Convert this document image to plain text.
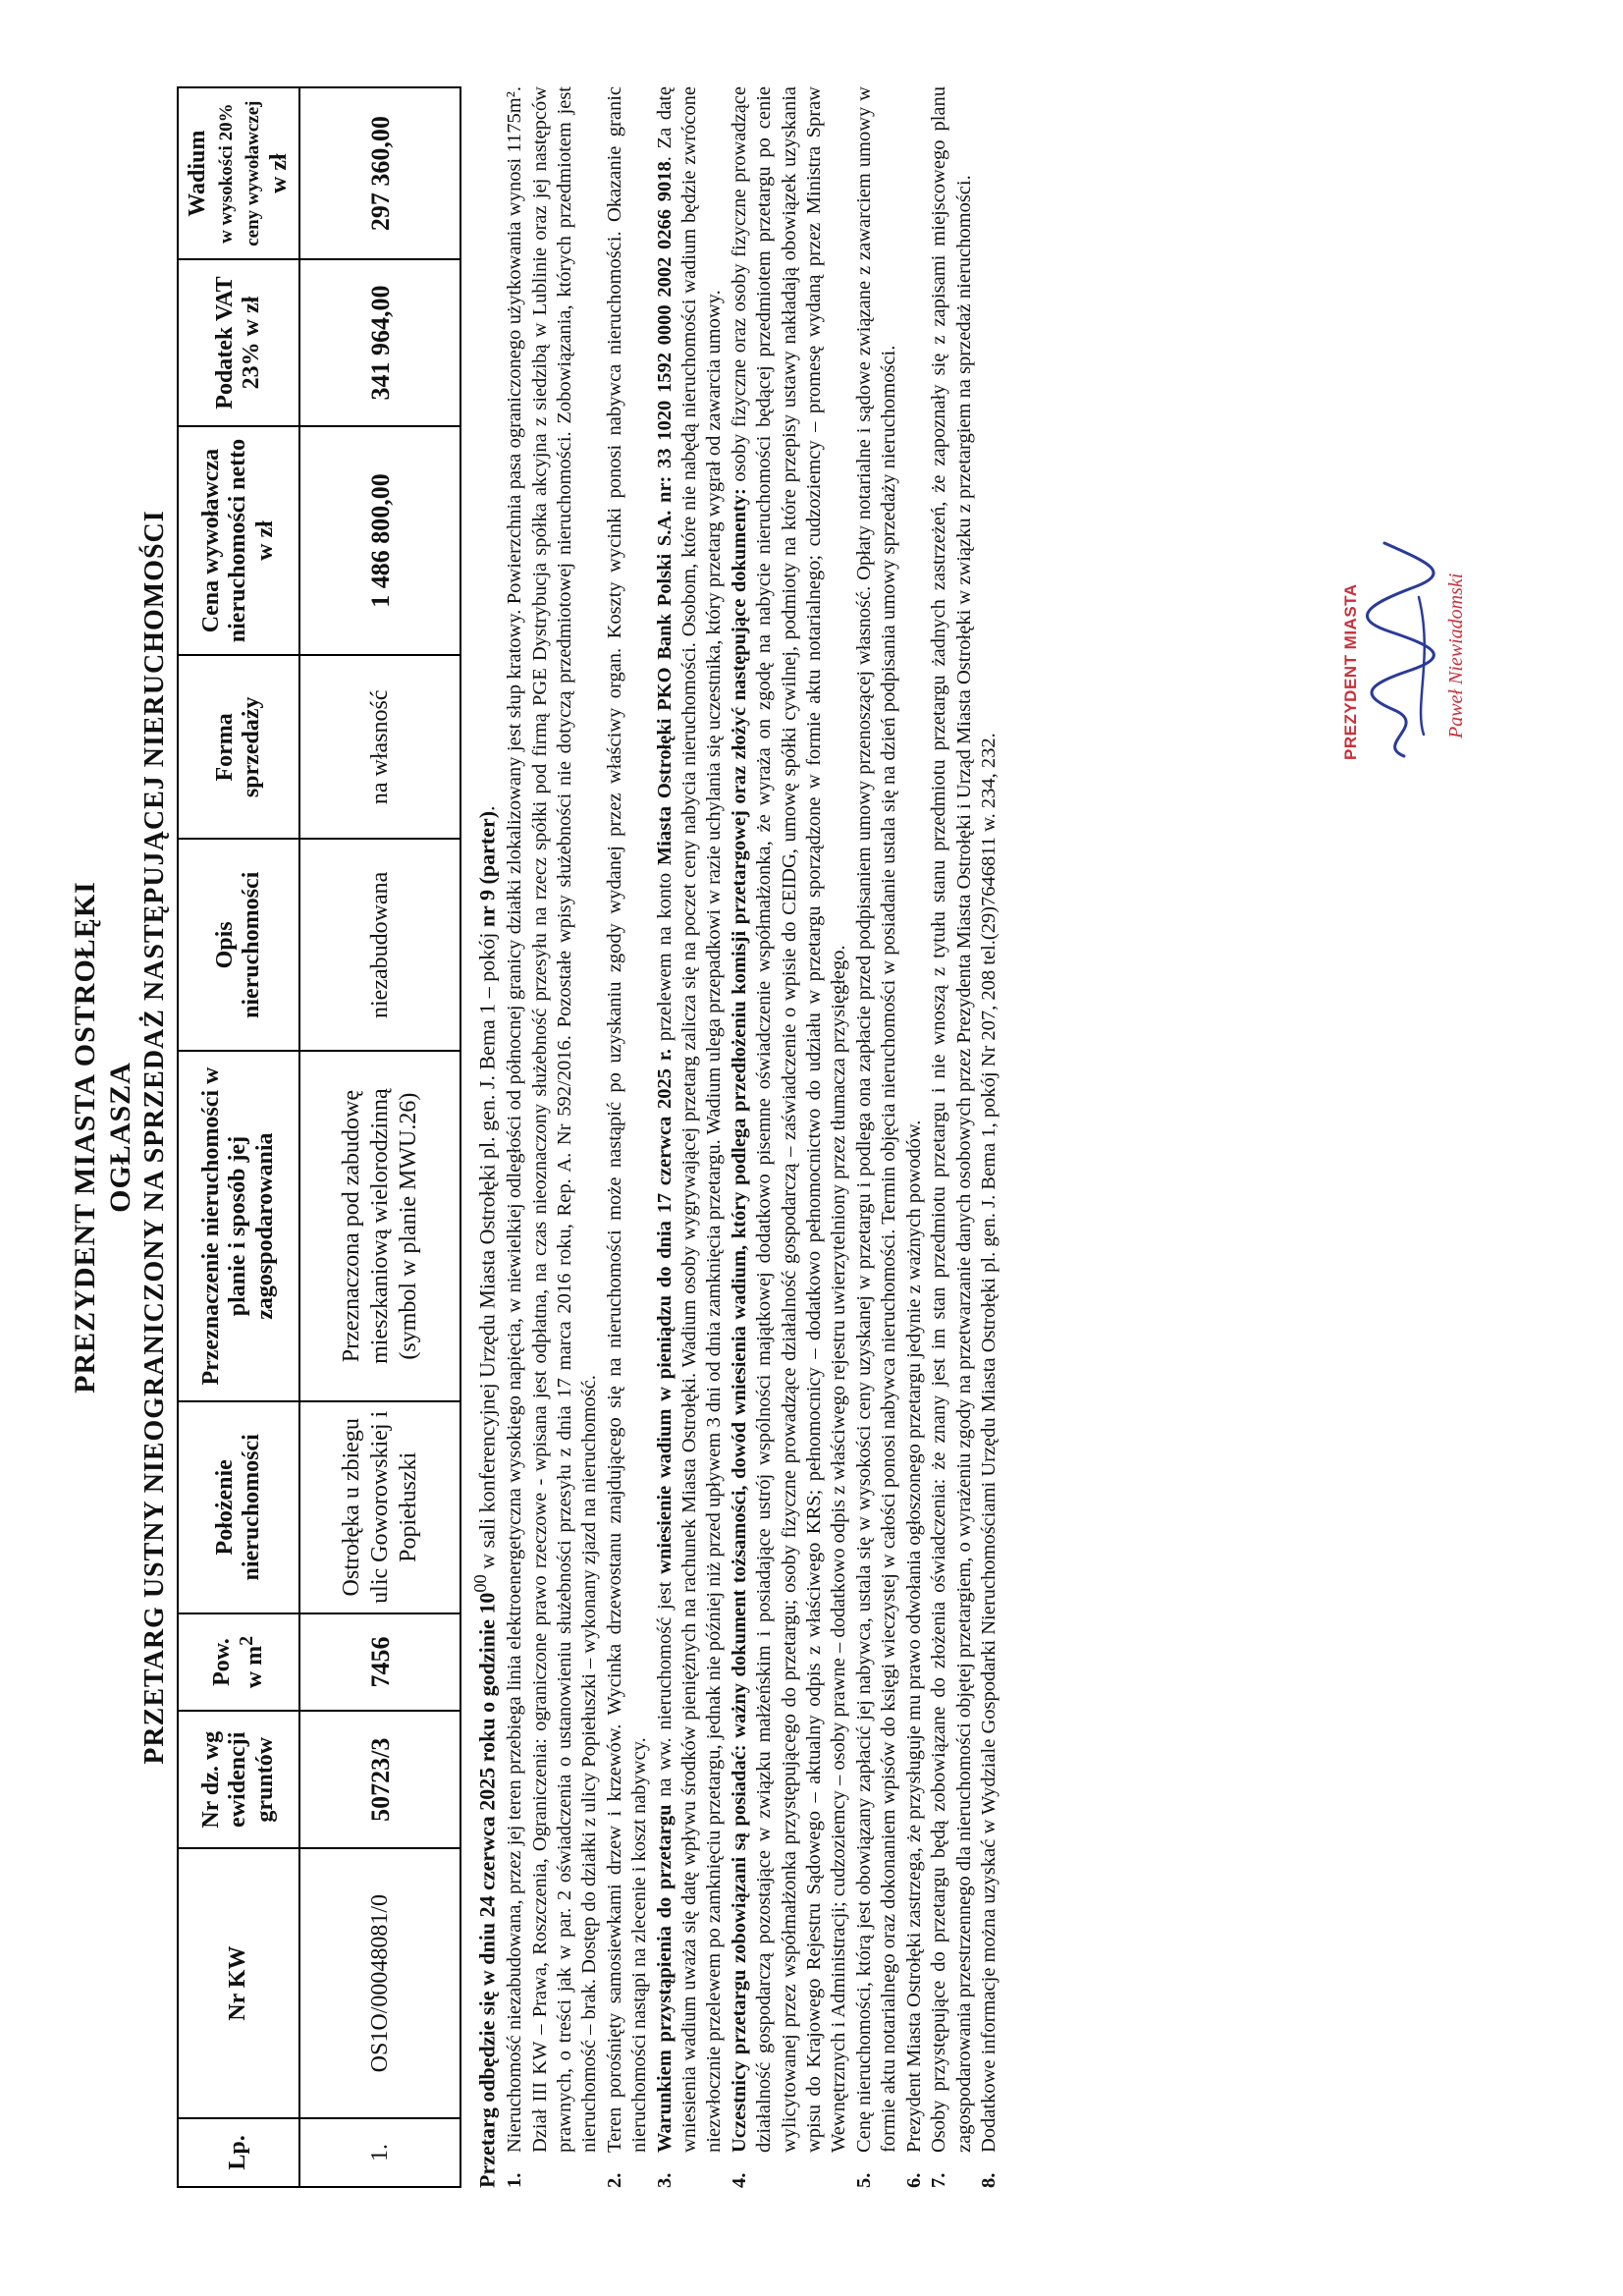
PREZYDENT MIASTA OSTROŁĘKI OGŁASZA PRZETARG USTNY NIEOGRANICZONY NA SPRZEDAŻ NASTĘPUJĄCEJ NIERUCHOMOŚCI
Lp.	Nr KW	Nr dz. wg ewidencji gruntów	Pow. w $m^2$	Położenie nieruchomości	Przeznaczenie nieruchomości w planie i sposób jej zagospodarowania	Opis nieruchomości	Forma sprzedaży	Cena wywoławcza nieruchomości netto w zł	Podatek VAT 23% w zł	Wadium w wysokości 20% ceny wywoławczej w zł
1.	OS1O/00048081/0	50723/3	7456	Ostrołęka u zbiegu ulic Goworowskiej i Popiełuszki	Przeznaczona pod zabudowę mieszkaniową wielorodzinną (symbol w planie MWU.26)	niezabudowana	na własność	1 486 800,00	341 964,00	297 360,00
Przetarg odbędzie się w dniu 24 czerwca 2025 roku o godzinie $10^{00}$ w sali konferencyjnej Urzędu Miasta Ostrołęki pl. gen. J. Bema 1 – pokój nr 9 (parter).
1.
Nieruchomość niezabudowana, przez jej teren przebiega linia elektroenergetyczna wysokiego napięcia, w niewielkiej odległości od północnej granicy działki zlokalizowany jest słup kratowy. Powierzchnia pasa ograniczonego użytkowania wynosi 1175m². Dział III KW – Prawa, Roszczenia, Ograniczenia: ograniczone prawo rzeczowe - wpisana jest odpłatna, na czas nieoznaczony służebność przesyłu na rzecz spółki pod firmą PGE Dystrybucja spółka akcyjna z siedzibą w Lublinie oraz jej następców prawnych, o treści jak w par. 2 oświadczenia o ustanowieniu służebności przesyłu z dnia 17 marca 2016 roku, Rep. A. Nr 592/2016. Pozostałe wpisy służebności nie dotyczą przedmiotowej nieruchomości. Zobowiązania, których przedmiotem jest nieruchomość – brak. Dostęp do działki z ulicy Popiełuszki – wykonany zjazd na nieruchomość.
2.
Teren porośnięty samosiewkami drzew i krzewów. Wycinka drzewostanu znajdującego się na nieruchomości może nastąpić po uzyskaniu zgody wydanej przez właściwy organ. Koszty wycinki ponosi nabywca nieruchomości. Okazanie granic nieruchomości nastąpi na zlecenie i koszt nabywcy.
3.
Warunkiem przystąpienia do przetargu na ww. nieruchomość jest wniesienie wadium w pieniądzu do dnia 17 czerwca 2025 r. przelewem na konto Miasta Ostrołęki PKO Bank Polski S.A. nr: 33 1020 1592 0000 2002 0266 9018. Za datę wniesienia wadium uważa się datę wpływu środków pieniężnych na rachunek Miasta Ostrołęki. Wadium osoby wygrywającej przetarg zalicza się na poczet ceny nabycia nieruchomości. Osobom, które nie nabędą nieruchomości wadium będzie zwrócone niezwłocznie przelewem po zamknięciu przetargu, jednak nie później niż przed upływem 3 dni od dnia zamknięcia przetargu. Wadium ulega przepadkowi w razie uchylania się uczestnika, który przetarg wygrał od zawarcia umowy.
4.
Uczestnicy przetargu zobowiązani są posiadać: ważny dokument tożsamości, dowód wniesienia wadium, który podlega przedłożeniu komisji przetargowej oraz złożyć następujące dokumenty: osoby fizyczne oraz osoby fizyczne prowadzące działalność gospodarczą pozostające w związku małżeńskim i posiadające ustrój wspólności majątkowej dodatkowo pisemne oświadczenie współmałżonka, że wyraża on zgodę na nabycie nieruchomości będącej przedmiotem przetargu po cenie wylicytowanej przez współmałżonka przystępującego do przetargu; osoby fizyczne prowadzące działalność gospodarczą – zaświadczenie o wpisie do CEIDG, umowę spółki cywilnej, podmioty na które przepisy ustawy nakładają obowiązek uzyskania wpisu do Krajowego Rejestru Sądowego – aktualny odpis z właściwego KRS; pełnomocnicy – dodatkowo pełnomocnictwo do udziału w przetargu sporządzone w formie aktu notarialnego; cudzoziemcy – promesę wydaną przez Ministra Spraw Wewnętrznych i Administracji; cudzoziemcy – osoby prawne – dodatkowo odpis z właściwego rejestru uwierzytelniony przez tłumacza przysięgłego.
5.
Cenę nieruchomości, którą jest obowiązany zapłacić jej nabywca, ustala się w wysokości ceny uzyskanej w przetargu i podlega ona zapłacie przed podpisaniem umowy przenoszącej własność. Opłaty notarialne i sądowe związane z zawarciem umowy w formie aktu notarialnego oraz dokonaniem wpisów do księgi wieczystej w całości ponosi nabywca nieruchomości. Termin objęcia nieruchomości w posiadanie ustala się na dzień podpisania umowy sprzedaży nieruchomości.
6.
Prezydent Miasta Ostrołęki zastrzega, że przysługuje mu prawo odwołania ogłoszonego przetargu jedynie z ważnych powodów.
7.
Osoby przystępujące do przetargu będą zobowiązane do złożenia oświadczenia: że znany jest im stan przedmiotu przetargu i nie wnoszą z tytułu stanu przedmiotu przetargu żadnych zastrzeżeń, że zapoznały się z zapisami miejscowego planu zagospodarowania przestrzennego dla nieruchomości objętej przetargiem, o wyrażeniu zgody na przetwarzanie danych osobowych przez Prezydenta Miasta Ostrołęki i Urząd Miasta Ostrołęki w związku z przetargiem na sprzedaż nieruchomości.
8.
Dodatkowe informacje można uzyskać w Wydziale Gospodarki Nieruchomościami Urzędu Miasta Ostrołęki pl. gen. J. Bema 1, pokój Nr 207, 208 tel.(29)7646811 w. 234, 232.
PREZYDENT MIASTA	Paweł Niewiadomski
